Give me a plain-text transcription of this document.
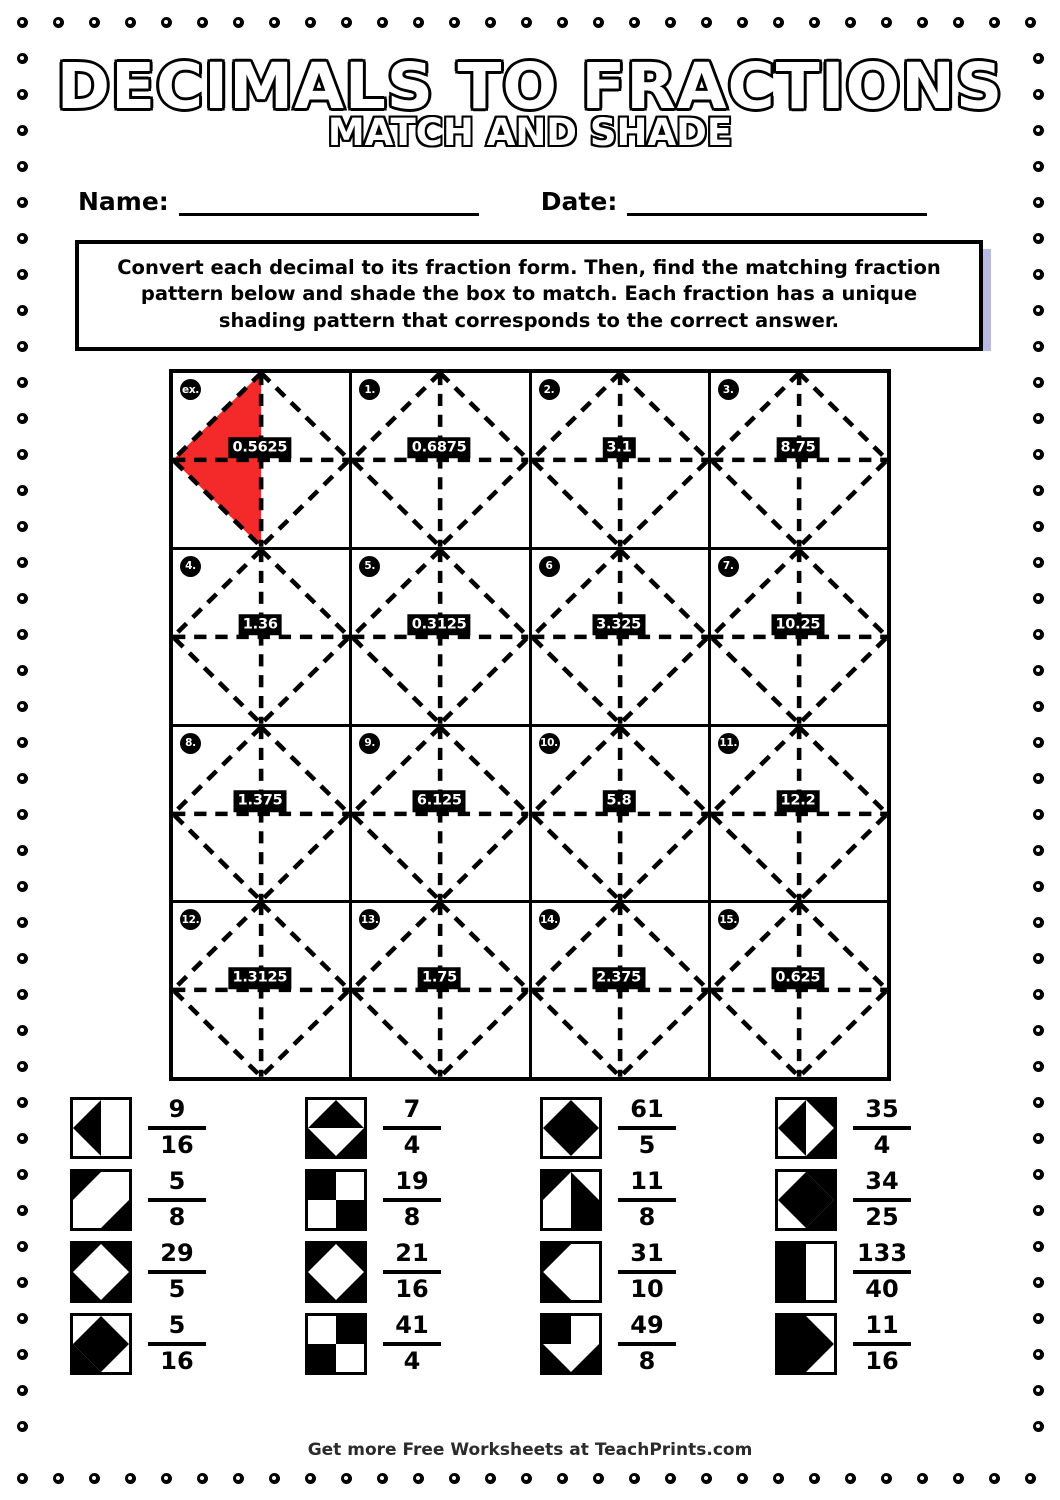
DECIMALS TO FRACTIONS
MATCH AND SHADE
Name:	Date:
Convert each decimal to its fraction form. Then, find the matching fraction pattern below and shade the box to match. Each fraction has a unique shading pattern that corresponds to the correct answer.
ex.
0.5625
1.
0.6875
2.
3.1
3.
8.75
4.
1.36
5.
0.3125
6
3.325
7.
10.25
8.
1.375
9.
6.125
10.
5.8
11.
12.2
12.
1.3125
13.
1.75
14.
2.375
15.
0.625
$\frac{9}{16}$	$\frac{7}{4}$	$\frac{61}{5}$	$\frac{35}{4}$
$\frac{5}{8}$	$\frac{19}{8}$	$\frac{11}{8}$	$\frac{34}{25}$
$\frac{29}{5}$	$\frac{21}{16}$	$\frac{31}{10}$	$\frac{133}{40}$
$\frac{5}{16}$	$\frac{41}{4}$	$\frac{49}{8}$	$\frac{11}{16}$
Get more Free Worksheets at TeachPrints.com
